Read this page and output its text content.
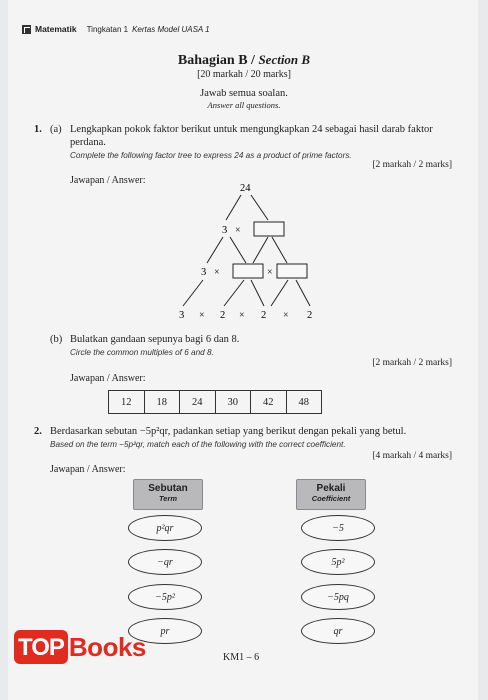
Matematik Tingkatan 1 Kertas Model UASA 1
Bahagian B / Section B
[20 markah / 20 marks]
Jawab semua soalan.
Answer all questions.
1. (a) Lengkapkan pokok faktor berikut untuk mengungkapkan 24 sebagai hasil darab faktor
perdana.
Complete the following factor tree to express 24 as a product of prime factors.
[2 markah / 2 marks]
Jawapan / Answer:
24
3 ×
3 ×	×
3 × 2 × 2 × 2
(b) Bulatkan gandaan sepunya bagi 6 dan 8.
Circle the common multiples of 6 and 8.
[2 markah / 2 marks]
Jawapan / Answer:
12	18	24	30	42	48
2. Berdasarkan sebutan −5p²qr, padankan setiap yang berikut dengan pekali yang betul.
Based on the term −5p²qr, match each of the following with the correct coefficient.
[4 markah / 4 marks]
Jawapan / Answer:
Sebutan
Term
Pekali
Coefficient
p²qr
−qr
−5p²
pr
−5
5p²
−5pq
qr
KM1 – 6
TOP Books
